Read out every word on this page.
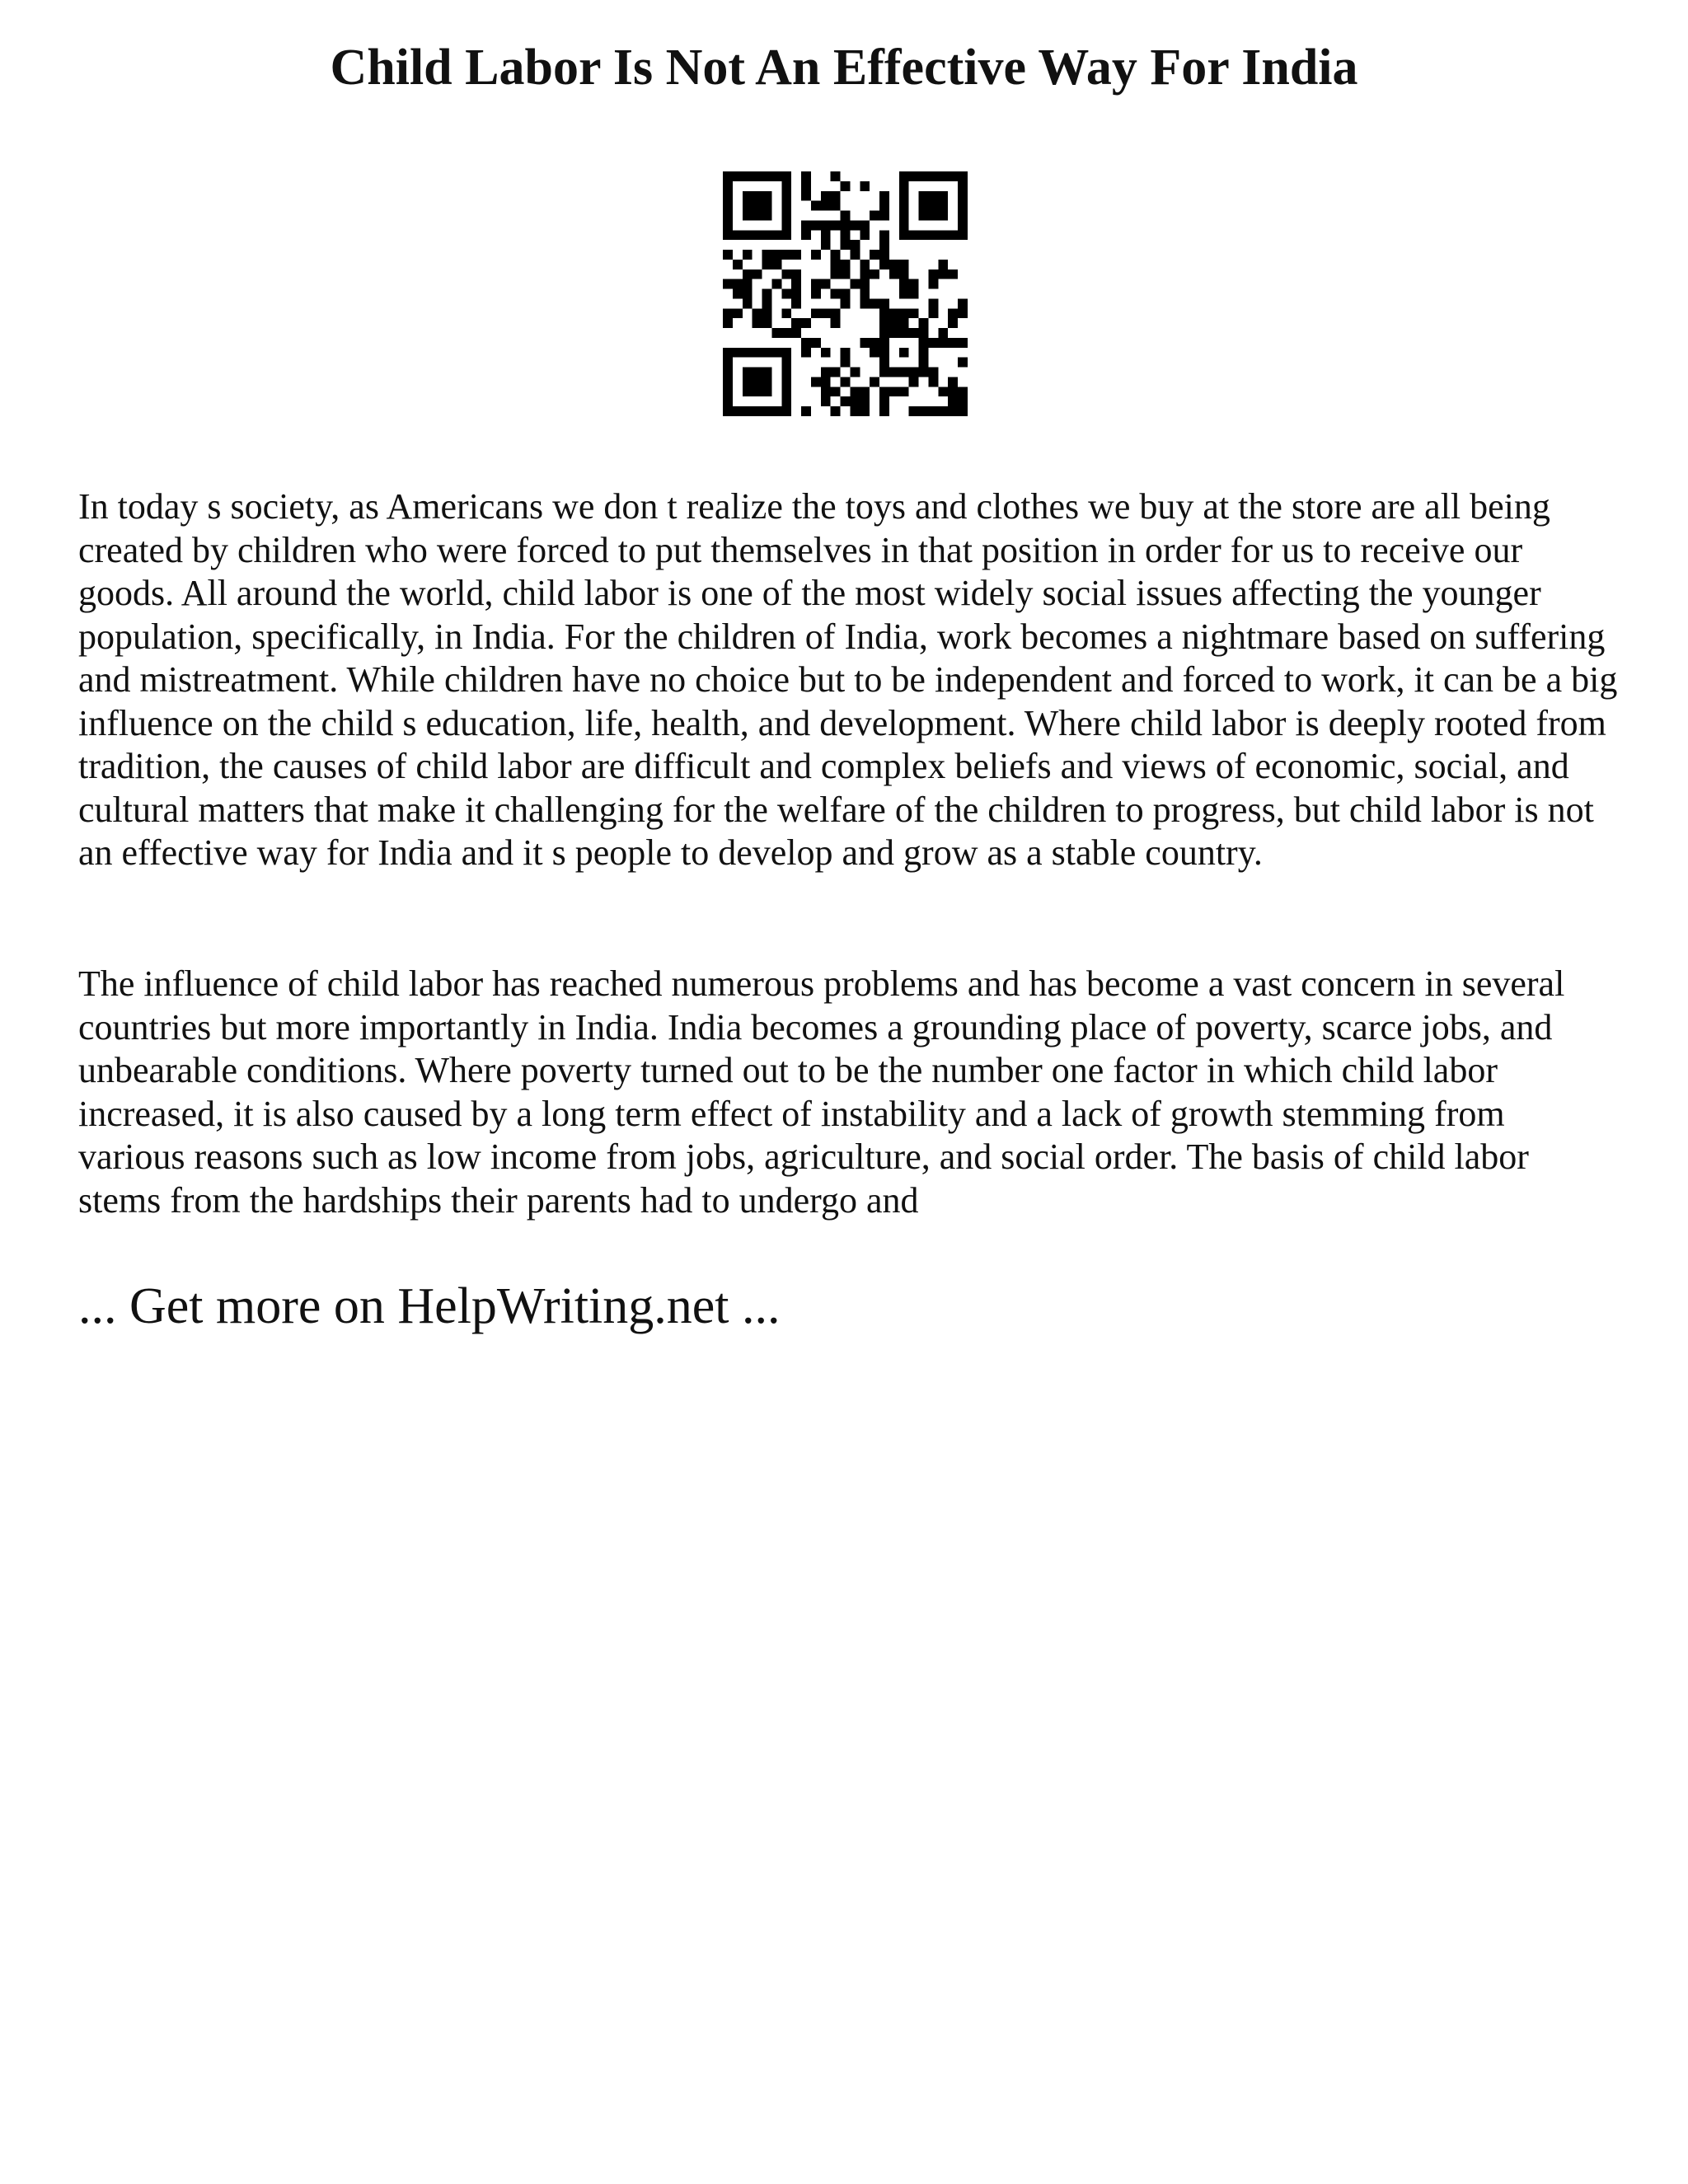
Child Labor Is Not An Effective Way For India

In today s society, as Americans we don t realize the toys and clothes we buy at the store are all being created by children who were forced to put themselves in that position in order for us to receive our goods. All around the world, child labor is one of the most widely social issues affecting the younger population, specifically, in India. For the children of India, work becomes a nightmare based on suffering and mistreatment. While children have no choice but to be independent and forced to work, it can be a big influence on the child s education, life, health, and development. Where child labor is deeply rooted from tradition, the causes of child labor are difficult and complex beliefs and views of economic, social, and cultural matters that make it challenging for the welfare of the children to progress, but child labor is not an effective way for India and it s people to develop and grow as a stable country.

The influence of child labor has reached numerous problems and has become a vast concern in several countries but more importantly in India. India becomes a grounding place of poverty, scarce jobs, and unbearable conditions. Where poverty turned out to be the number one factor in which child labor increased, it is also caused by a long term effect of instability and a lack of growth stemming from various reasons such as low income from jobs, agriculture, and social order. The basis of child labor stems from the hardships their parents had to undergo and

... Get more on HelpWriting.net ...
